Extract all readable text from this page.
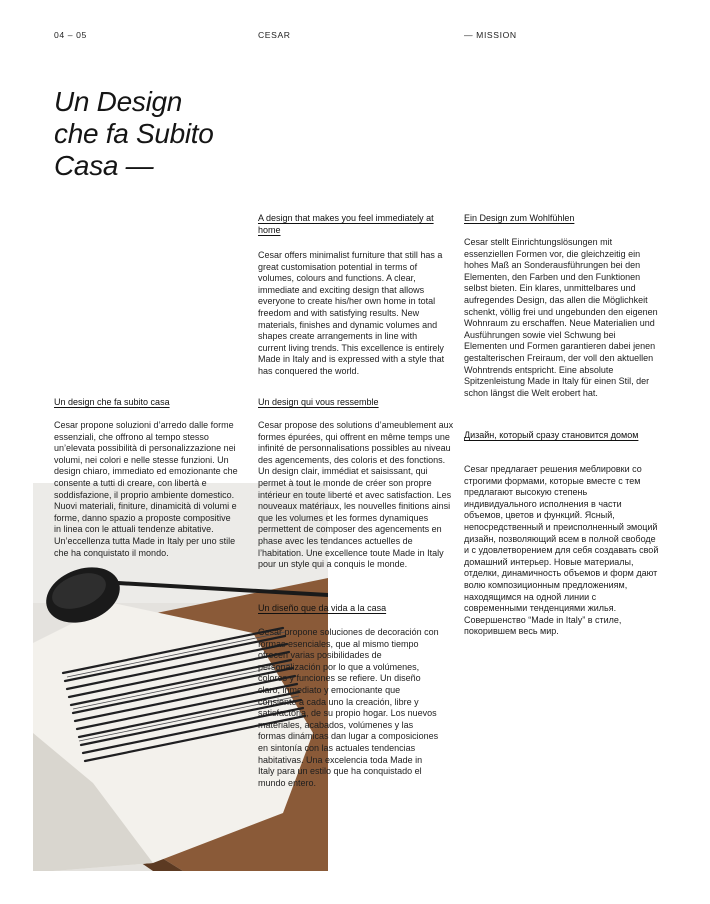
04 – 05	CESAR	— MISSION
Un Design
che fa Subito
Casa —
A design that makes you feel immediately at home

Cesar offers minimalist furniture that still has a great customisation potential in terms of volumes, colours and functions. A clear, immediate and exciting design that allows everyone to create his/her own home in total freedom and with satisfying results. New materials, finishes and dynamic volumes and shapes create arrangements in line with current living trends. This excellence is entirely Made in Italy and is expressed with a style that has conquered the world.

Ein Design zum Wohlfühlen

Cesar stellt Einrichtungslösungen mit essenziellen Formen vor, die gleichzeitig ein hohes Maß an Sonderausführungen bei den Elementen, den Farben und den Funktionen selbst bieten. Ein klares, unmittelbares und aufregendes Design, das allen die Möglichkeit schenkt, völlig frei und ungebunden den eigenen Wohnraum zu erschaffen. Neue Materialien und Ausführungen sowie viel Schwung bei Elementen und Formen garantieren dabei jenen gestalterischen Freiraum, der voll den aktuellen Wohntrends entspricht. Eine absolute Spitzenleistung Made in Italy für einen Stil, der schon längst die Welt erobert hat.

Un design che fa subito casa

Cesar propone soluzioni d’arredo dalle forme essenziali, che offrono al tempo stesso un’elevata possibilità di personalizzazione nei volumi, nei colori e nelle stesse funzioni. Un design chiaro, immediato ed emozionante che consente a tutti di creare, con libertà e soddisfazione, il proprio ambiente domestico. Nuovi materiali, finiture, dinamicità di volumi e forme, danno spazio a proposte compositive in linea con le attuali tendenze abitative. Un’eccellenza tutta Made in Italy per uno stile che ha conquistato il mondo.

Un design qui vous ressemble

Cesar propose des solutions d’ameublement aux formes épurées, qui offrent en même temps une infinité de personnalisations possibles au niveau des agencements, des coloris et des fonctions. Un design clair, immédiat et saisissant, qui permet à tout le monde de créer son propre intérieur en toute liberté et avec satisfaction. Les nouveaux matériaux, les nouvelles finitions ainsi que les volumes et les formes dynamiques permettent de composer des agencements en phase avec les tendances actuelles de l’habitation. Une excellence toute Made in Italy pour un style qui a conquis le monde.

Дизайн, который сразу становится домом

Cesar предлагает решения меблировки со строгими формами, которые вместе с тем предлагают высокую степень индивидуального исполнения в части объемов, цветов и функций. Ясный, непосредственный и преисполненный эмоций дизайн, позволяющий всем в полной свободе и с удовлетворением для себя создавать свой домашний интерьер. Новые материалы, отделки, динамичность объемов и форм дают волю композиционным предложениям, находящимся на одной линии с современными тенденциями жилья. Совершенство “Made in Italy” в стиле, покорившем весь мир.

Un diseño que da vida a la casa

Cesar propone soluciones de decoración con formas esenciales, que al mismo tiempo ofrecen varias posibilidades de personalización por lo que a volúmenes, colores y funciones se refiere. Un diseño claro, inmediato y emocionante que consiente a cada uno la creación, libre y satisfactoria, de su propio hogar. Los nuevos materiales, acabados, volúmenes y las formas dinámicas dan lugar a composiciones en sintonía con las actuales tendencias habitativas. Una excelencia toda Made in Italy para un estilo que ha conquistado el mundo entero.
